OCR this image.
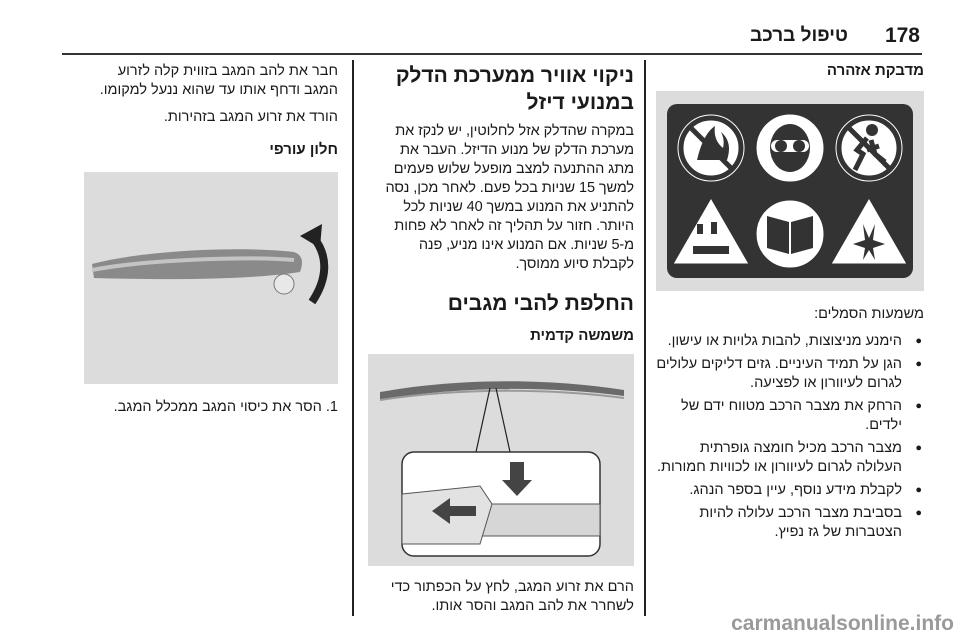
178
טיפול ברכב
מדבקת אזהרה
משמעות הסמלים:
● הימנע מניצוצות, להבות גלויות או עישון.
● הגן על תמיד העיניים. גזים דליקים עלולים לגרום לעיוורון או לפציעה.
● הרחק את מצבר הרכב מטווח ידם של ילדים.
● מצבר הרכב מכיל חומצה גופרתית העלולה לגרום לעיוורון או לכוויות חמורות.
● לקבלת מידע נוסף, עיין בספר הנהג.
● בסביבת מצבר הרכב עלולה להיות הצטברות של גז נפיץ.
ניקוי אוויר ממערכת הדלק
במנועי דיזל
במקרה שהדלק אזל לחלוטין, יש לנקז את
מערכת הדלק של מנוע הדיזל. העבר את
מתג ההתנעה למצב מופעל שלוש פעמים
למשך 15 שניות בכל פעם. לאחר מכן, נסה
להתניע את המנוע במשך 40 שניות לכל
היותר. חזור על תהליך זה לאחר לא פחות
מ-5 שניות. אם המנוע אינו מניע, פנה
לקבלת סיוע ממוסך.
החלפת להבי מגבים
משמשה קדמית
הרם את זרוע המגב, לחץ על הכפתור כדי
לשחרר את להב המגב והסר אותו.
חבר את להב המגב בזווית קלה לזרוע
המגב ודחף אותו עד שהוא ננעל למקומו.
הורד את זרוע המגב בזהירות.
חלון עורפי
1. הסר את כיסוי המגב ממכלל המגב.
carmanualsonline.info
